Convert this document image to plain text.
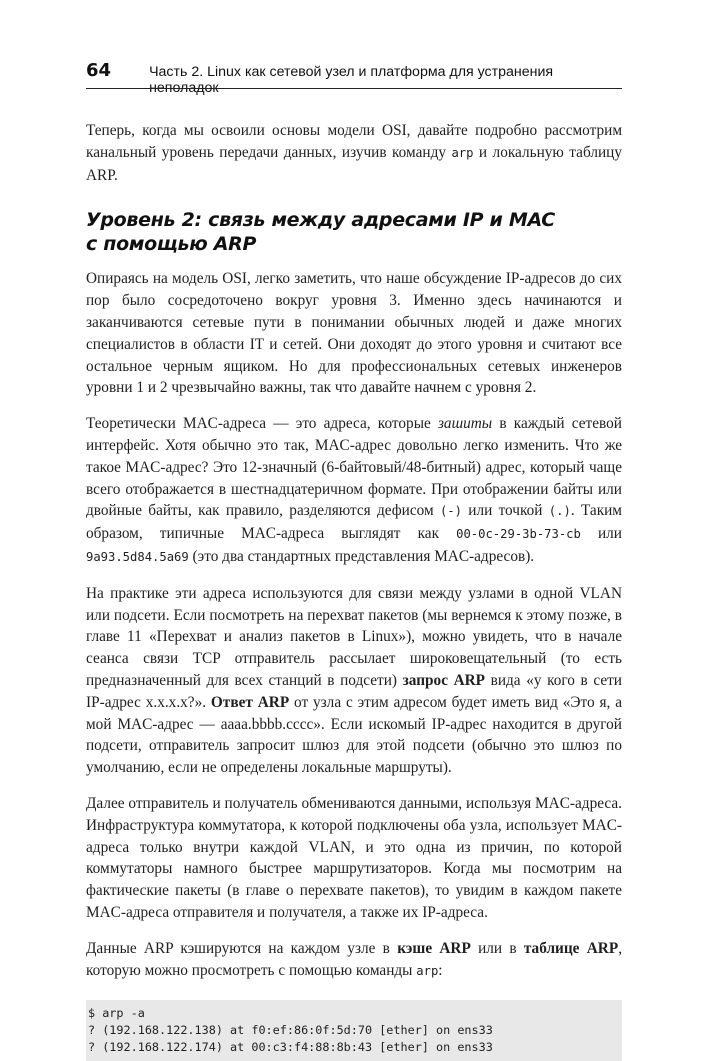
64	Часть 2. Linux как сетевой узел и платформа для устранения неполадок

Теперь, когда мы освоили основы модели OSI, давайте подробно рассмотрим канальный уровень передачи данных, изучив команду arp и локальную таблицу ARP.

Уровень 2: связь между адресами IP и MAC
с помощью ARP

Опираясь на модель OSI, легко заметить, что наше обсуждение IP-адресов до сих пор было сосредоточено вокруг уровня 3. Именно здесь начинаются и заканчиваются сетевые пути в понимании обычных людей и даже многих специалистов в области IT и сетей. Они доходят до этого уровня и считают все остальное черным ящиком. Но для профессиональных сетевых инженеров уровни 1 и 2 чрезвычайно важны, так что давайте начнем с уровня 2.

Теоретически MAC-адреса — это адреса, которые зашиты в каждый сетевой интерфейс. Хотя обычно это так, MAC-адрес довольно легко изменить. Что же такое MAC-адрес? Это 12-значный (6-байтовый/48-битный) адрес, который чаще всего отображается в шестнадцатеричном формате. При отображении байты или двойные байты, как правило, разделяются дефисом (-) или точкой (.). Таким образом, типичные MAC-адреса выглядят как 00-0c-29-3b-73-cb или 9a93.5d84.5a69 (это два стандартных представления MAC-адресов).

На практике эти адреса используются для связи между узлами в одной VLAN или подсети. Если посмотреть на перехват пакетов (мы вернемся к этому позже, в главе 11 «Перехват и анализ пакетов в Linux»), можно увидеть, что в начале сеанса связи TCP отправитель рассылает широковещательный (то есть предназначенный для всех станций в подсети) запрос ARP вида «у кого в сети IP-адрес x.x.x.x?». Ответ ARP от узла с этим адресом будет иметь вид «Это я, а мой MAC-адрес — aaaa.bbbb.cccc». Если искомый IP-адрес находится в другой подсети, отправитель запросит шлюз для этой подсети (обычно это шлюз по умолчанию, если не определены локальные маршруты).

Далее отправитель и получатель обмениваются данными, используя MAC-адреса. Инфраструктура коммутатора, к которой подключены оба узла, использует MAC-адреса только внутри каждой VLAN, и это одна из причин, по которой коммутаторы намного быстрее маршрутизаторов. Когда мы посмотрим на фактические пакеты (в главе о перехвате пакетов), то увидим в каждом пакете MAC-адреса отправителя и получателя, а также их IP-адреса.

Данные ARP кэшируются на каждом узле в кэше ARP или в таблице ARP, которую можно просмотреть с помощью команды arp:

$ arp -a
? (192.168.122.138) at f0:ef:86:0f:5d:70 [ether] on ens33
? (192.168.122.174) at 00:c3:f4:88:8b:43 [ether] on ens33
